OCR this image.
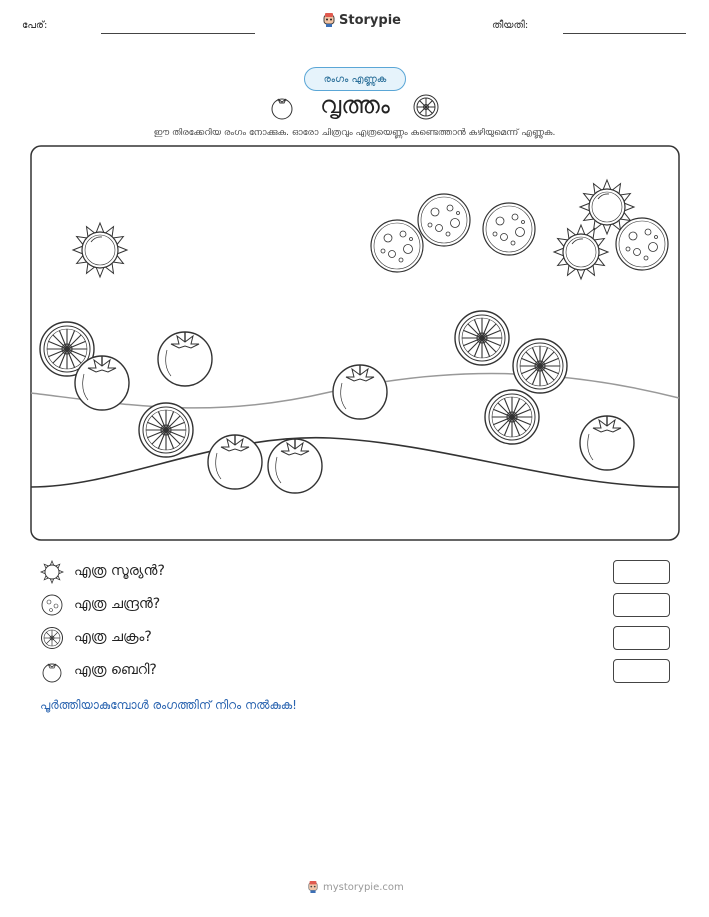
പേര്:	Storypie	തീയതി:
രംഗം എണ്ണുക
വൃത്തം
ഈ തിരക്കേറിയ രംഗം നോക്കുക. ഓരോ ചിത്രവും എത്രയെണ്ണം കണ്ടെത്താൻ കഴിയുമെന്ന് എണ്ണുക.
എത്ര സൂര്യൻ?
എത്ര ചന്ദ്രൻ?
എത്ര ചക്രം?
എത്ര ബെറി?
പൂർത്തിയാകുമ്പോൾ രംഗത്തിന് നിറം നൽകുക!
mystorypie.com
